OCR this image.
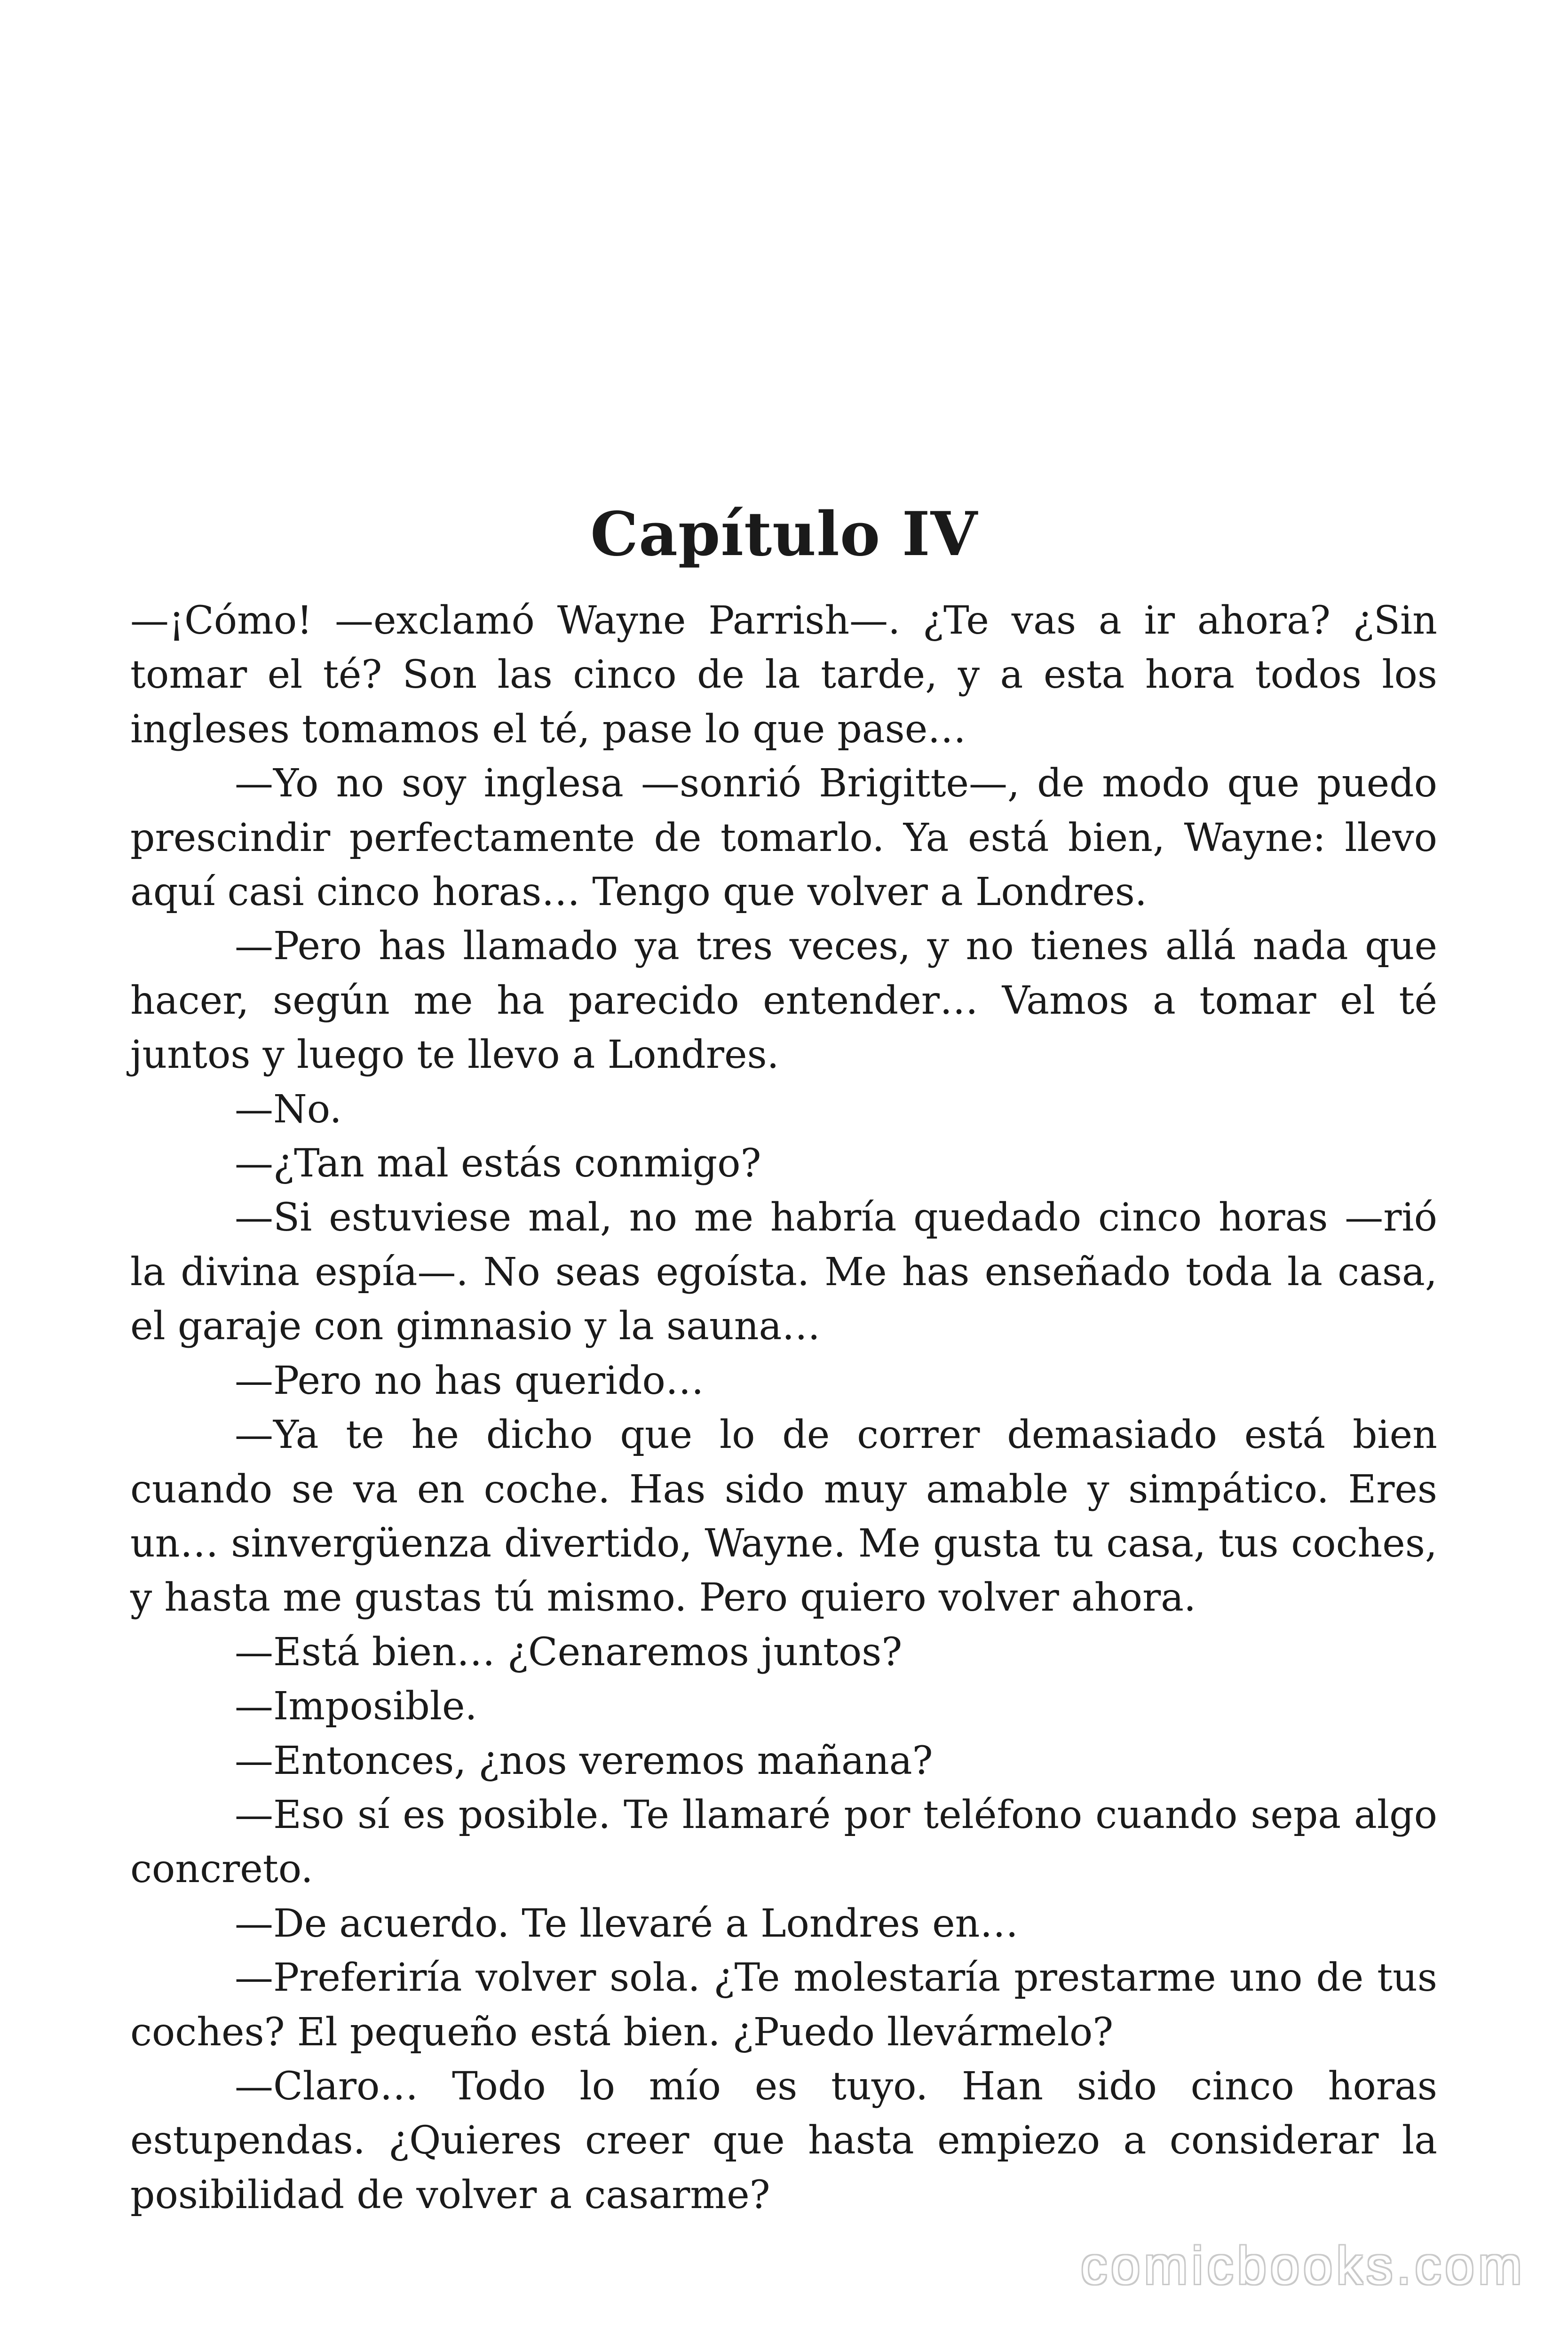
Capítulo IV

—¡Cómo! —exclamó Wayne Parrish—. ¿Te vas a ir ahora? ¿Sin tomar el té? Son las cinco de la tarde, y a esta hora todos los ingleses tomamos el té, pase lo que pase…

—Yo no soy inglesa —sonrió Brigitte—, de modo que puedo prescindir perfectamente de tomarlo. Ya está bien, Wayne: llevo aquí casi cinco horas… Tengo que volver a Londres.

—Pero has llamado ya tres veces, y no tienes allá nada que hacer, según me ha parecido entender… Vamos a tomar el té juntos y luego te llevo a Londres.

—No.

—¿Tan mal estás conmigo?

—Si estuviese mal, no me habría quedado cinco horas —rió la divina espía—. No seas egoísta. Me has enseñado toda la casa, el garaje con gimnasio y la sauna…

—Pero no has querido…

—Ya te he dicho que lo de correr demasiado está bien cuando se va en coche. Has sido muy amable y simpático. Eres un… sinvergüenza divertido, Wayne. Me gusta tu casa, tus coches, y hasta me gustas tú mismo. Pero quiero volver ahora.

—Está bien… ¿Cenaremos juntos?

—Imposible.

—Entonces, ¿nos veremos mañana?

—Eso sí es posible. Te llamaré por teléfono cuando sepa algo concreto.

—De acuerdo. Te llevaré a Londres en…

—Preferiría volver sola. ¿Te molestaría prestarme uno de tus coches? El pequeño está bien. ¿Puedo llevármelo?

—Claro… Todo lo mío es tuyo. Han sido cinco horas estupendas. ¿Quieres creer que hasta empiezo a considerar la posibilidad de volver a casarme?

comicbooks.com
